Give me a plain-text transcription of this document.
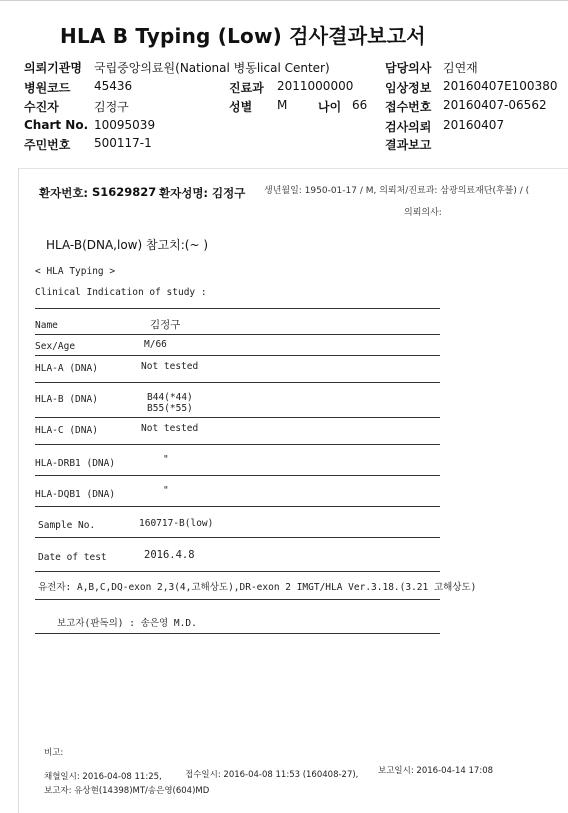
HLA B Typing (Low) 검사결과보고서
의뢰기관명 국립중앙의료원(National 병동lical Center)
병원코드 45436
수진자	김정구
Chart No. 10095039
주민번호 500117-1
진료과 2011000000
성별 M	나이 66
담당의사 김연재
임상정보 20160407E100380
접수번호 20160407-06562
검사의뢰 20160407
결과보고
환자번호: S1629827 환자성명: 김정구 생년월일: 1950-01-17 / M, 의뢰처/진료과: 삼광의료재단(후불) / (
의뢰의사:
HLA-B(DNA,low) 참고치:(~ )
< HLA Typing >
Clinical Indication of study :
Name	김정구
Sex/Age	M/66
HLA-A (DNA)	Not tested
HLA-B (DNA)	B44(*44)
B55(*55)
HLA-C (DNA)	Not tested
HLA-DRB1 (DNA)	"
HLA-DQB1 (DNA)	"
Sample No.	160717-B(low)
Date of test	2016.4.8
유전자: A,B,C,DQ-exon 2,3(4,고해상도),DR-exon 2 IMGT/HLA Ver.3.18.(3.21 고해상도)
보고자(판독의) : 송은영 M.D.
비고:
채혈일시: 2016-04-08 11:25,	접수일시: 2016-04-08 11:53 (160408-27), 보고일시: 2016-04-14 17:08
보고자: 유상현(14398)MT/송은영(604)MD
